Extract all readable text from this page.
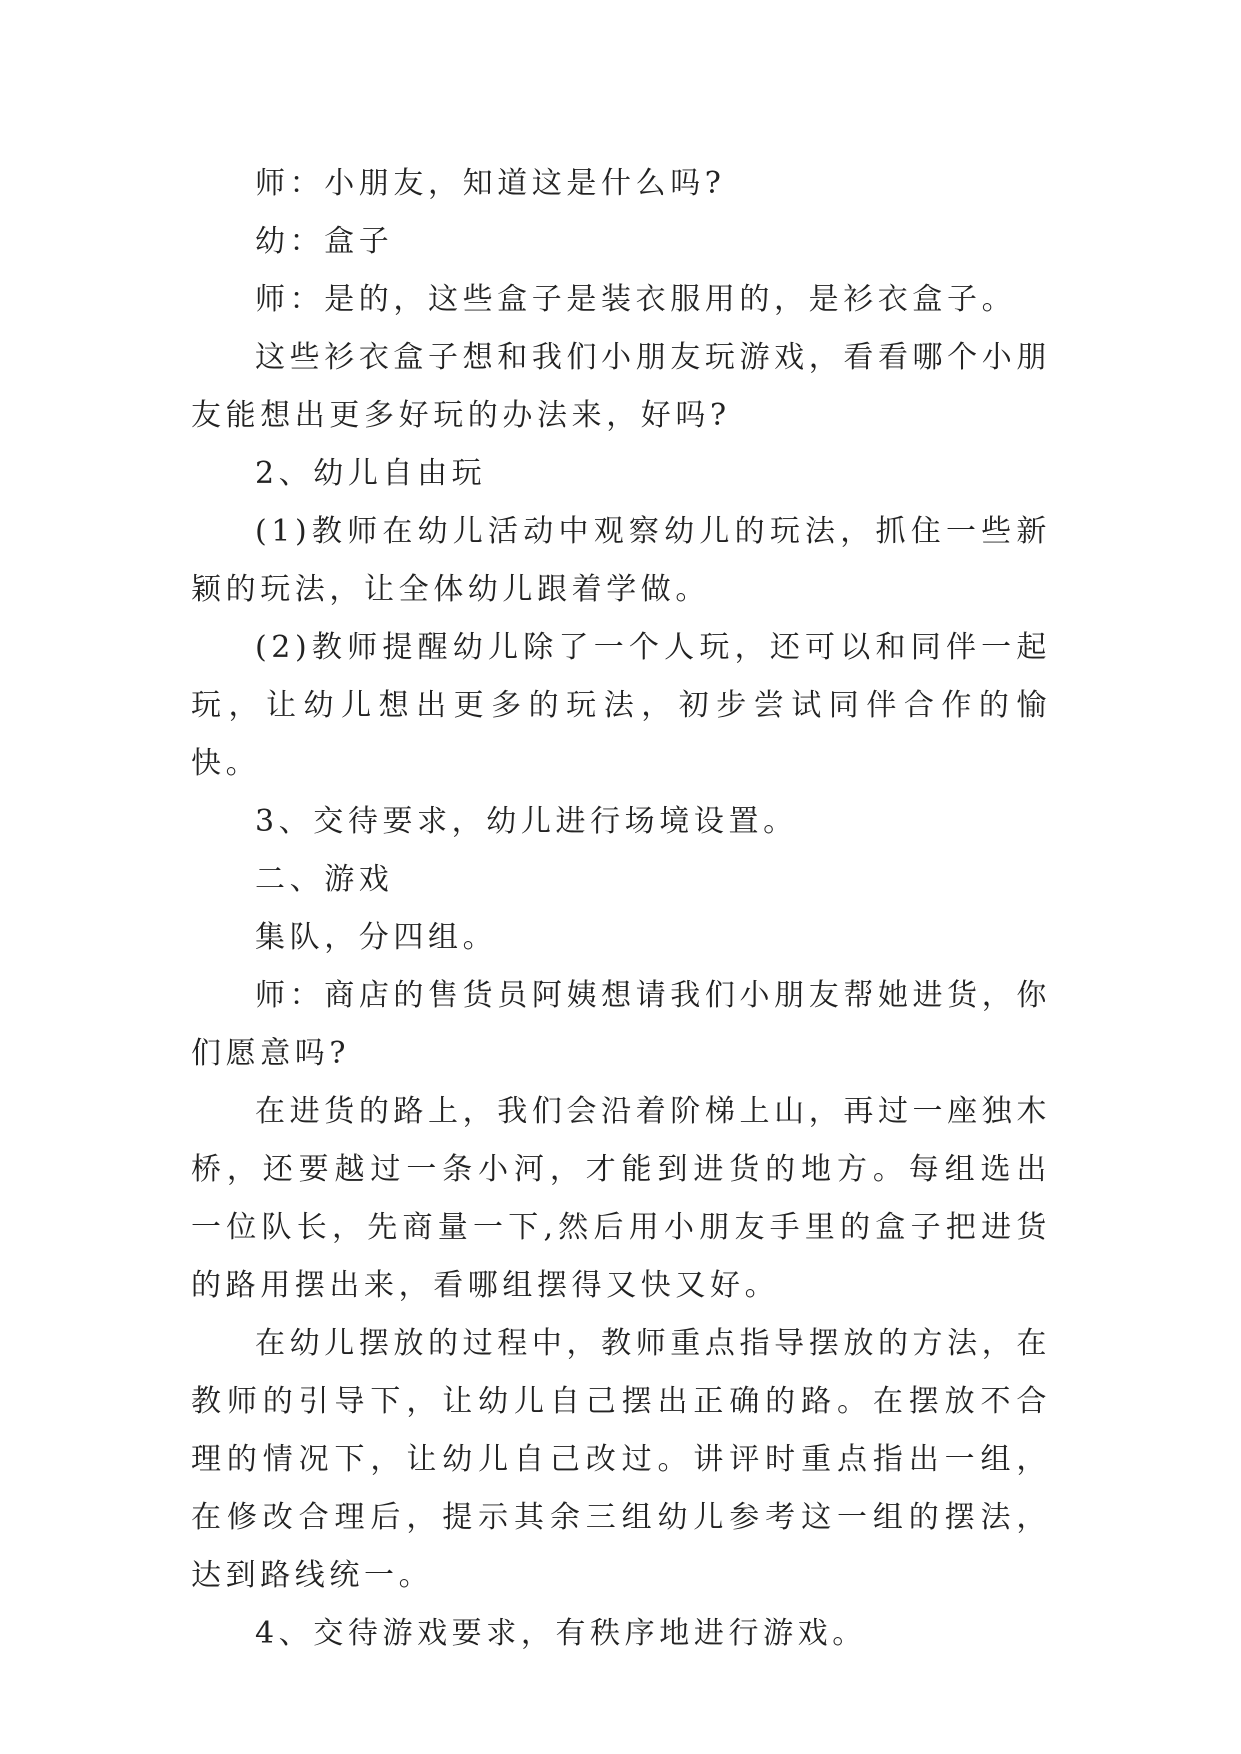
师：小朋友，知道这是什么吗?

幼：盒子

师：是的，这些盒子是装衣服用的，是衫衣盒子。

这些衫衣盒子想和我们小朋友玩游戏，看看哪个小朋友能想出更多好玩的办法来，好吗?

2、幼儿自由玩

(1)教师在幼儿活动中观察幼儿的玩法，抓住一些新颖的玩法，让全体幼儿跟着学做。

(2)教师提醒幼儿除了一个人玩，还可以和同伴一起玩，让幼儿想出更多的玩法，初步尝试同伴合作的愉快。

3、交待要求，幼儿进行场境设置。

二、游戏

集队，分四组。

师：商店的售货员阿姨想请我们小朋友帮她进货，你们愿意吗?

在进货的路上，我们会沿着阶梯上山，再过一座独木桥，还要越过一条小河，才能到进货的地方。每组选出一位队长，先商量一下,然后用小朋友手里的盒子把进货的路用摆出来，看哪组摆得又快又好。

在幼儿摆放的过程中，教师重点指导摆放的方法，在教师的引导下，让幼儿自己摆出正确的路。在摆放不合理的情况下，让幼儿自己改过。讲评时重点指出一组，在修改合理后，提示其余三组幼儿参考这一组的摆法，达到路线统一。

4、交待游戏要求，有秩序地进行游戏。
